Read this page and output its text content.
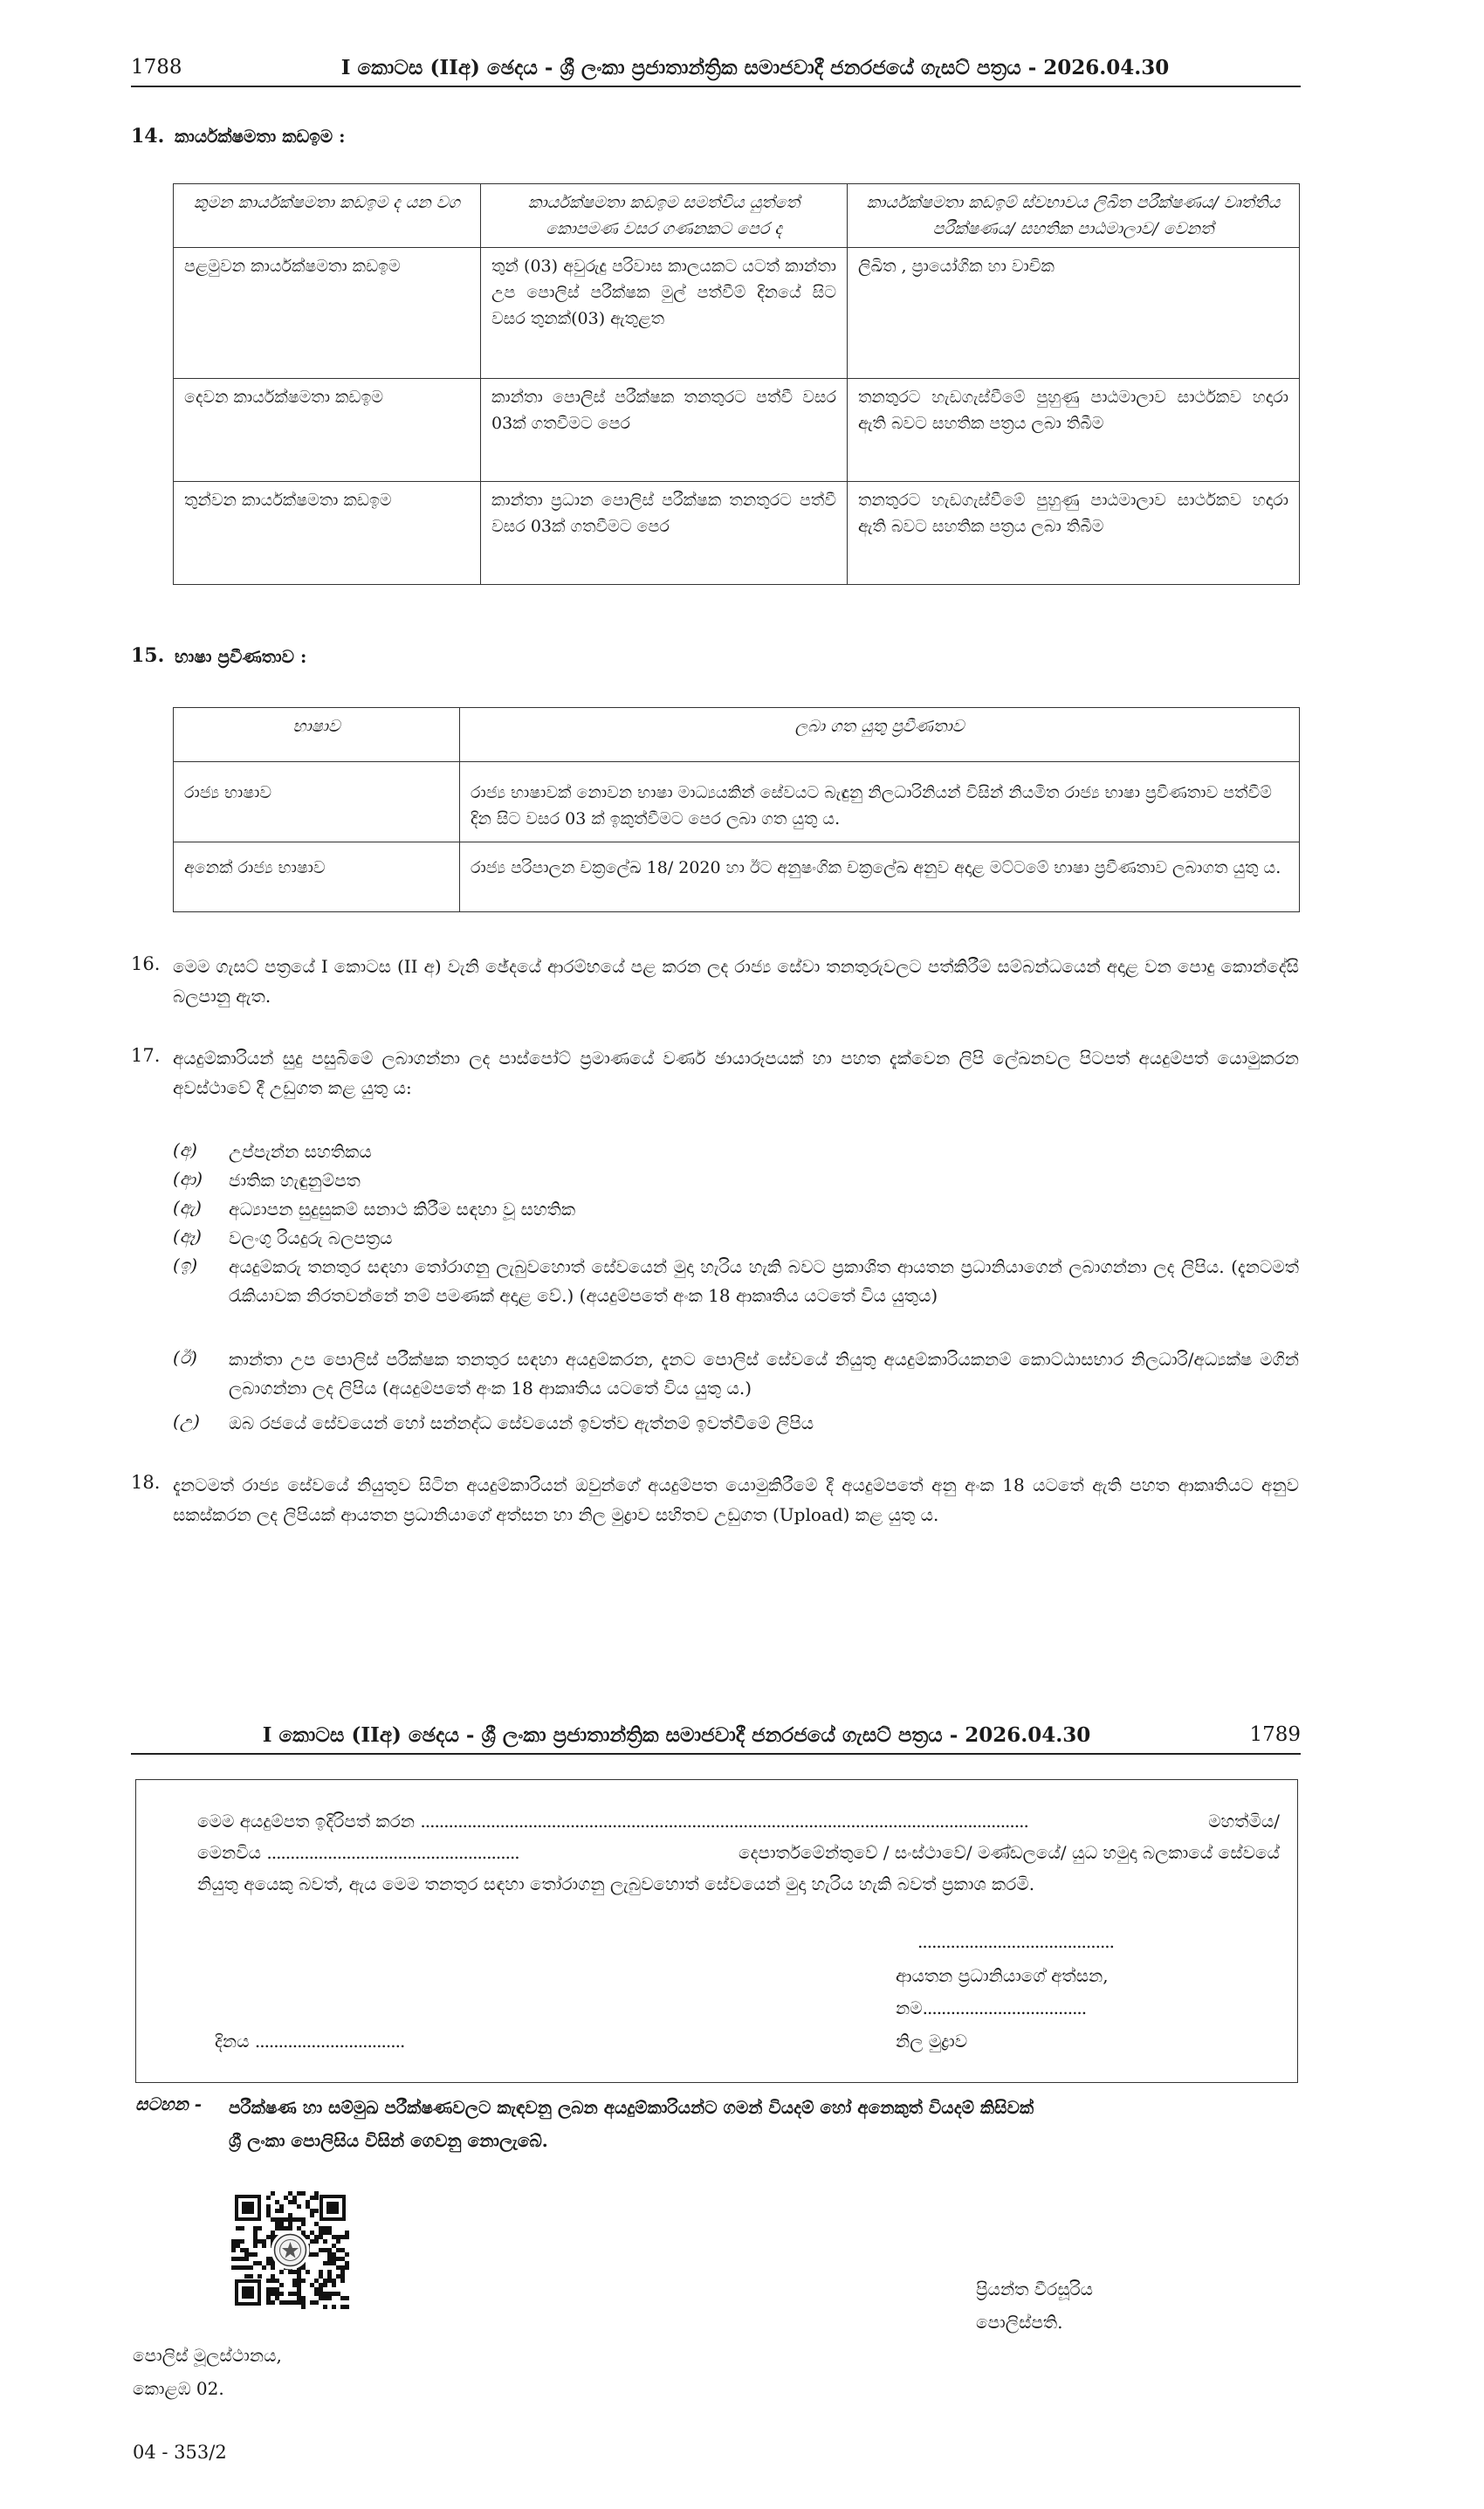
1788	I කොටස (IIඅ) ඡෙදය - ශ්‍රී ලංකා ප්‍රජාතාන්ත්‍රික සමාජවාදී ජනරජයේ ගැසට් පත්‍රය - 2026.04.30
14. කාර්යක්ෂමතා කඩඉම :
කුමන කාර්යක්ෂමතා කඩඉම ද යන වග	කාර්යක්ෂමතා කඩඉම සමත්විය යුත්තේ කොපමණ වසර ගණනකට පෙර ද	කාර්යක්ෂමතා කඩඉම් ස්වභාවය ලිඛිත පරීක්ෂණය/ වෘත්තිය පරීක්ෂණය/ සහතික පාඨමාලාව/ වෙනත්
පළමුවන කාර්යක්ෂමතා කඩඉම	තුන් (03) අවුරුදු පරිවාස කාලයකට යටත් කාන්තා උප පොලිස් පරීක්ෂක මුල් පත්වීම් දිනයේ සිට වසර තුනක්(03) ඇතුළත	ලිඛිත , ප්‍රායෝගික හා වාචික
දෙවන කාර්යක්ෂමතා කඩඉම	කාන්තා පොලිස් පරීක්ෂක තනතුරට පත්වී වසර 03ක් ගතවීමට පෙර	තනතුරට හැඩගැස්වීමේ පුහුණු පාඨමාලාව සාර්ථකව හදාරා ඇති බවට සහතික පත්‍රය ලබා තිබීම
තුන්වන කාර්යක්ෂමතා කඩඉම	කාන්තා ප්‍රධාන පොලිස් පරීක්ෂක තනතුරට පත්වී වසර 03ක් ගතවීමට පෙර	තනතුරට හැඩගැස්වීමේ පුහුණු පාඨමාලාව සාර්ථකව හදාරා ඇති බවට සහතික පත්‍රය ලබා තිබීම
15. භාෂා ප්‍රවීණතාව :
භාෂාව	ලබා ගත යුතු ප්‍රවීණතාව
රාජ්‍ය භාෂාව	රාජ්‍ය භාෂාවක් නොවන භාෂා මාධ්‍යයකින් සේවයට බැඳුනු නිලධාරිනියන් විසින් නියමිත රාජ්‍ය භාෂා ප්‍රවීණතාව පත්වීම් දින සිට වසර 03 ක් ඉකුත්වීමට පෙර ලබා ගත යුතු ය.
අනෙක් රාජ්‍ය භාෂාව	රාජ්‍ය පරිපාලන චක්‍රලේඛ 18/ 2020 හා ඊට අනුෂංගික චක්‍රලේඛ අනුව අදාළ මට්ටමේ භාෂා ප්‍රවීණතාව ලබාගත යුතු ය.
16. මෙම ගැසට් පත්‍රයේ I කොටස (II අ) වැනි ඡේදයේ ආරම්භයේ පළ කරන ලද රාජ්‍ය සේවා තනතුරුවලට පත්කිරීම් සම්බන්ධයෙන් අදාළ වන පොදු කොන්දේසි බලපානු ඇත.
17. අයදුම්කාරියන් සුදු පසුබිමේ ලබාගන්නා ලද පාස්පෝට් ප්‍රමාණයේ වර්ණ ඡායාරූපයක් හා පහත දැක්වෙන ලිපි ලේඛනවල පිටපත් අයදුම්පත් යොමුකරන අවස්ථාවේ දී උඩුගත කළ යුතු ය:
(අ) උප්පැන්න සහතිකය
(ආ) ජාතික හැඳුනුම්පත
(ඇ) අධ්‍යාපන සුදුසුකම් සනාථ කිරීම සඳහා වූ සහතික
(ඈ) වලංගු රියදුරු බලපත්‍රය
(ඉ) අයදුම්කරු තනතුර සඳහා තෝරාගනු ලැබුවහොත් සේවයෙන් මුදා හැරිය හැකි බවට ප්‍රකාශිත ආයතන ප්‍රධානියාගෙන් ලබාගන්නා ලද ලිපිය. (දැනටමත් රැකියාවක නිරතවන්නේ නම් පමණක් අදාළ වේ.) (අයදුම්පතේ අංක 18 ආකෘතිය යටතේ විය යුතුය)
(ඊ) කාන්තා උප පොලිස් පරීක්ෂක තනතුර සඳහා අයදුම්කරන, දැනට පොලිස් සේවයේ නියුතු අයදුම්කාරියකනම් කොට්ඨාසභාර නිලධාරි/අධ්‍යක්ෂ මගින් ලබාගන්නා ලද ලිපිය (අයදුම්පතේ අංක 18 ආකෘතිය යටතේ විය යුතු ය.)
(උ) ඔබ රජයේ සේවයෙන් හෝ සන්නද්ධ සේවයෙන් ඉවත්ව ඇත්නම් ඉවත්වීමේ ලිපිය
18. දැනටමත් රාජ්‍ය සේවයේ නියුතුව සිටින අයදුම්කාරියන් ඔවුන්ගේ අයදුම්පත යොමුකිරීමේ දී අයදුම්පතේ අනු අංක 18 යටතේ ඇති පහත ආකෘතියට අනුව සකස්කරන ලද ලිපියක් ආයතන ප්‍රධානියාගේ අත්සන හා නිල මුද්‍රාව සහිතව උඩුගත (Upload) කළ යුතු ය.
I කොටස (IIඅ) ඡෙදය - ශ්‍රී ලංකා ප්‍රජාතාන්ත්‍රික සමාජවාදී ජනරජයේ ගැසට් පත්‍රය - 2026.04.30	1789
මෙම අයදුම්පත ඉදිරිපත් කරන ..................................................................................................................................	මහත්මිය/
මෙනවිය ......................................................	දෙපාර්තමේන්තුවේ / සංස්ථාවේ/ මණ්ඩලයේ/ යුධ හමුදා බලකායේ සේවයේ
නියුතු අයෙකු බවත්, ඇය මෙම තනතුර සඳහා තෝරාගනු ලැබුවහොත් සේවයෙන් මුදා හැරිය හැකි බවත් ප්‍රකාශ කරමි.
..........................................
ආයතන ප්‍රධානියාගේ අත්සන,
නම...................................
නිල මුද්‍රාව
දිනය ................................
සටහන - පරීක්ෂණ හා සම්මුඛ පරීක්ෂණවලට කැඳවනු ලබන අයදුම්කාරියන්ට ගමන් වියදම් හෝ අනෙකුත් වියදම් කිසිවක්
ශ්‍රී ලංකා පොලිසිය විසින් ගෙවනු නොලැබේ.
ප්‍රියන්ත වීරසූරිය
පොලිස්පති.
පොලිස් මූලස්ථානය,
කොළඹ 02.
04 - 353/2
